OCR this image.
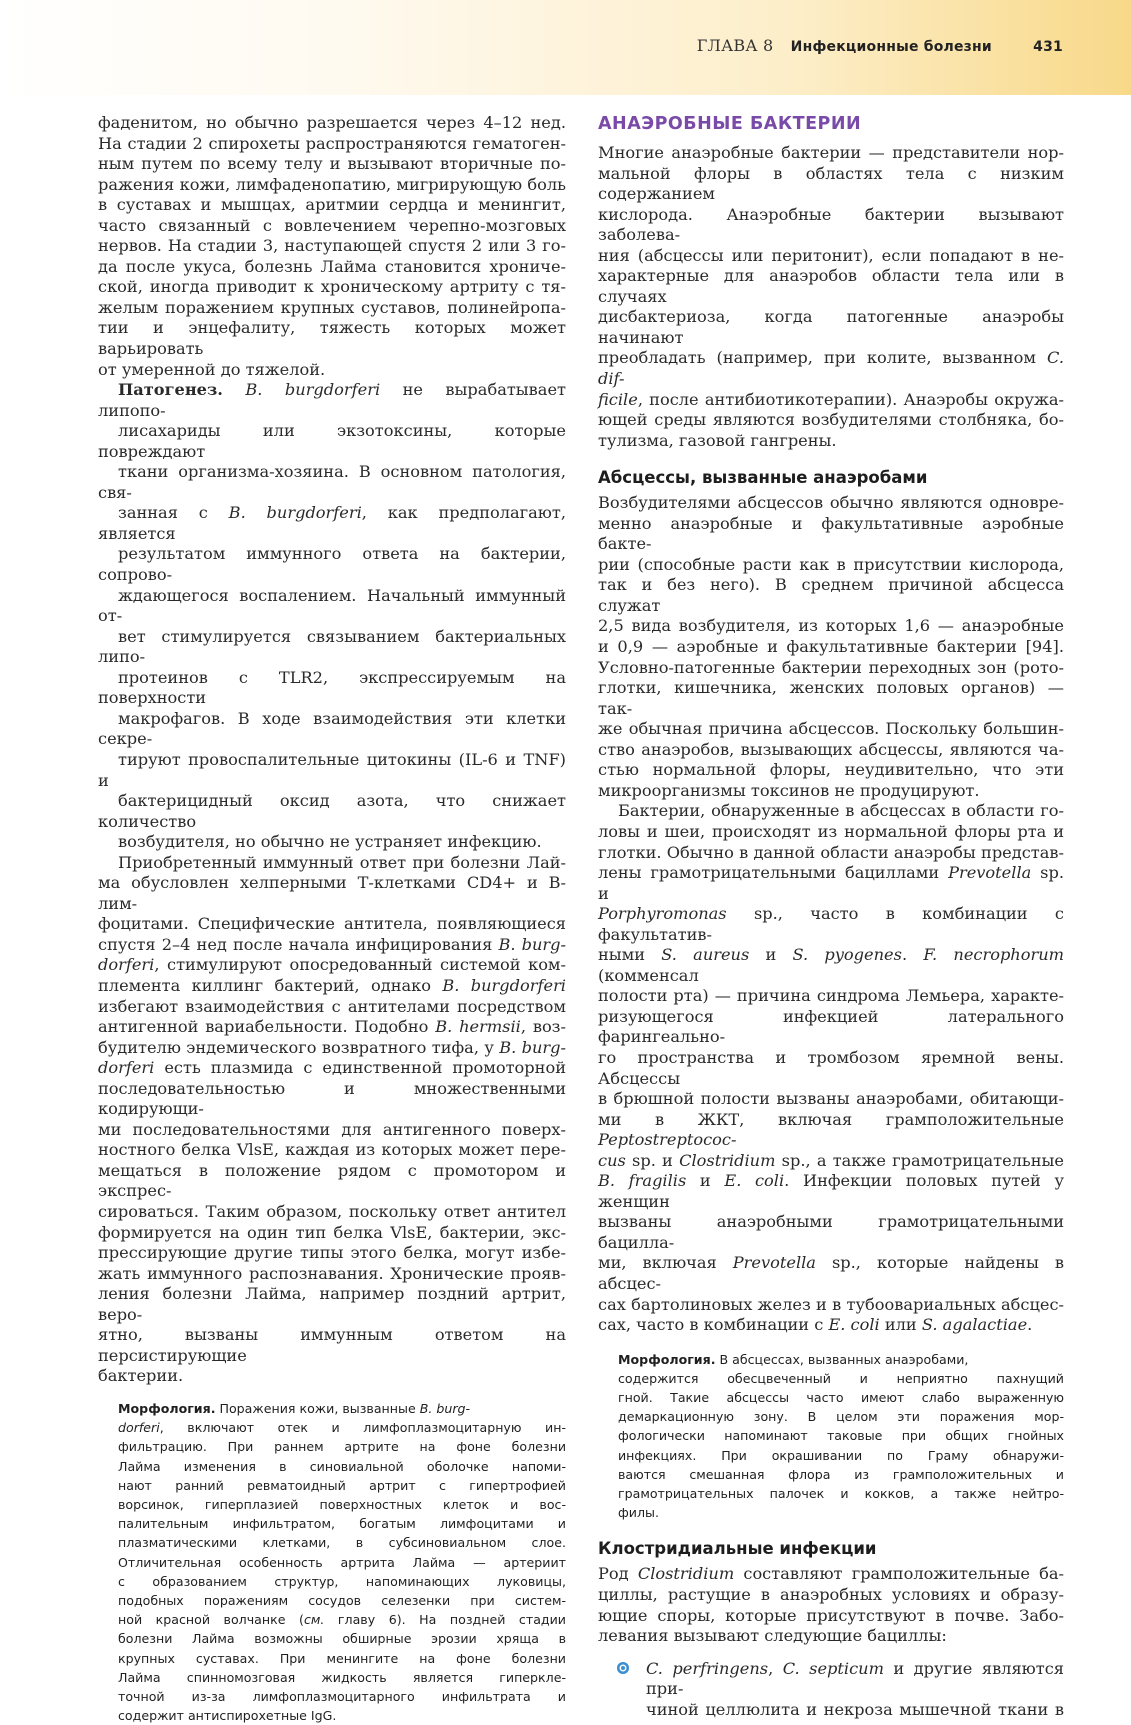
ГЛАВА 8 Инфекционные болезни	431

фаденитом, но обычно разрешается через 4–12 нед.
На стадии 2 спирохеты распространяются гематоген-
ным путем по всему телу и вызывают вторичные по-
ражения кожи, лимфаденопатию, мигрирующую боль
в суставах и мышцах, аритмии сердца и менингит,
часто связанный с вовлечением черепно-мозговых
нервов. На стадии 3, наступающей спустя 2 или 3 го-
да после укуса, болезнь Лайма становится хрониче-
ской, иногда приводит к хроническому артриту с тя-
желым поражением крупных суставов, полинейропа-
тии и энцефалиту, тяжесть которых может варьировать
от умеренной до тяжелой.

Патогенез. B. burgdorferi не вырабатывает липопо-
лисахариды или экзотоксины, которые повреждают
ткани организма-хозяина. В основном патология, свя-
занная с B. burgdorferi, как предполагают, является
результатом иммунного ответа на бактерии, сопрово-
ждающегося воспалением. Начальный иммунный от-
вет стимулируется связыванием бактериальных липо-
протеинов с TLR2, экспрессируемым на поверхности
макрофагов. В ходе взаимодействия эти клетки секре-
тируют провоспалительные цитокины (IL-6 и TNF) и
бактерицидный оксид азота, что снижает количество
возбудителя, но обычно не устраняет инфекцию.

Приобретенный иммунный ответ при болезни Лай-
ма обусловлен хелперными Т-клетками CD4+ и В-лим-
фоцитами. Специфические антитела, появляющиеся
спустя 2–4 нед после начала инфицирования B. burg-
dorferi, стимулируют опосредованный системой ком-
племента киллинг бактерий, однако B. burgdorferi
избегают взаимодействия с антителами посредством
антигенной вариабельности. Подобно B. hermsii, воз-
будителю эндемического возвратного тифа, у B. burg-
dorferi есть плазмида с единственной промоторной
последовательностью и множественными кодирующи-
ми последовательностями для антигенного поверх-
ностного белка VlsE, каждая из которых может пере-
мещаться в положение рядом с промотором и экспрес-
сироваться. Таким образом, поскольку ответ антител
формируется на один тип белка VlsE, бактерии, экс-
прессирующие другие типы этого белка, могут избе-
жать иммунного распознавания. Хронические прояв-
ления болезни Лайма, например поздний артрит, веро-
ятно, вызваны иммунным ответом на персистирующие
бактерии.

Морфология. Поражения кожи, вызванные B. burg-
dorferi, включают отек и лимфоплазмоцитарную ин-
фильтрацию. При раннем артрите на фоне болезни
Лайма изменения в синовиальной оболочке напоми-
нают ранний ревматоидный артрит с гипертрофией
ворсинок, гиперплазией поверхностных клеток и вос-
палительным инфильтратом, богатым лимфоцитами и
плазматическими клетками, в субсиновиальном слое.
Отличительная особенность артрита Лайма — артериит
с образованием структур, напоминающих луковицы,
подобных поражениям сосудов селезенки при систем-
ной красной волчанке (см. главу 6). На поздней стадии
болезни Лайма возможны обширные эрозии хряща в
крупных суставах. При менингите на фоне болезни
Лайма спинномозговая жидкость является гиперкле-
точной из-за лимфоплазмоцитарного инфильтрата и
содержит антиспирохетные IgG.
АНАЭРОБНЫЕ БАКТЕРИИ

Многие анаэробные бактерии — представители нор-
мальной флоры в областях тела с низким содержанием
кислорода. Анаэробные бактерии вызывают заболева-
ния (абсцессы или перитонит), если попадают в не-
характерные для анаэробов области тела или в случаях
дисбактериоза, когда патогенные анаэробы начинают
преобладать (например, при колите, вызванном C. dif-
ficile, после антибиотикотерапии). Анаэробы окружа-
ющей среды являются возбудителями столбняка, бо-
тулизма, газовой гангрены.

Абсцессы, вызванные анаэробами

Возбудителями абсцессов обычно являются одновре-
менно анаэробные и факультативные аэробные бакте-
рии (способные расти как в присутствии кислорода,
так и без него). В среднем причиной абсцесса служат
2,5 вида возбудителя, из которых 1,6 — анаэробные
и 0,9 — аэробные и факультативные бактерии [94].
Условно-патогенные бактерии переходных зон (рото-
глотки, кишечника, женских половых органов) — так-
же обычная причина абсцессов. Поскольку большин-
ство анаэробов, вызывающих абсцессы, являются ча-
стью нормальной флоры, неудивительно, что эти
микроорганизмы токсинов не продуцируют.

Бактерии, обнаруженные в абсцессах в области го-
ловы и шеи, происходят из нормальной флоры рта и
глотки. Обычно в данной области анаэробы представ-
лены грамотрицательными бациллами Prevotella sp. и
Porphyromonas sp., часто в комбинации с факультатив-
ными S. aureus и S. pyogenes. F. necrophorum (комменсал
полости рта) — причина синдрома Лемьера, характе-
ризующегося инфекцией латерального фарингеально-
го пространства и тромбозом яремной вены. Абсцессы
в брюшной полости вызваны анаэробами, обитающи-
ми в ЖКТ, включая грамположительные Peptostreptococ-
cus sp. и Clostridium sp., а также грамотрицательные
B. fragilis и E. coli. Инфекции половых путей у женщин
вызваны анаэробными грамотрицательными бацилла-
ми, включая Prevotella sp., которые найдены в абсцес-
сах бартолиновых желез и в тубоовариальных абсцес-
сах, часто в комбинации с E. coli или S. agalactiae.

Морфология. В абсцессах, вызванных анаэробами,
содержится обесцвеченный и неприятно пахнущий
гной. Такие абсцессы часто имеют слабо выраженную
демаркационную зону. В целом эти поражения мор-
фологически напоминают таковые при общих гнойных
инфекциях. При окрашивании по Граму обнаружи-
ваются смешанная флора из грамположительных и
грамотрицательных палочек и кокков, а также нейтро-
филы.
Клостридиальные инфекции

Род Clostridium составляют грамположительные ба-
циллы, растущие в анаэробных условиях и образу-
ющие споры, которые присутствуют в почве. Забо-
левания вызывают следующие бациллы:

C. perfringens, C. septicum и другие являются при-
чиной целлюлита и некроза мышечной ткани в
